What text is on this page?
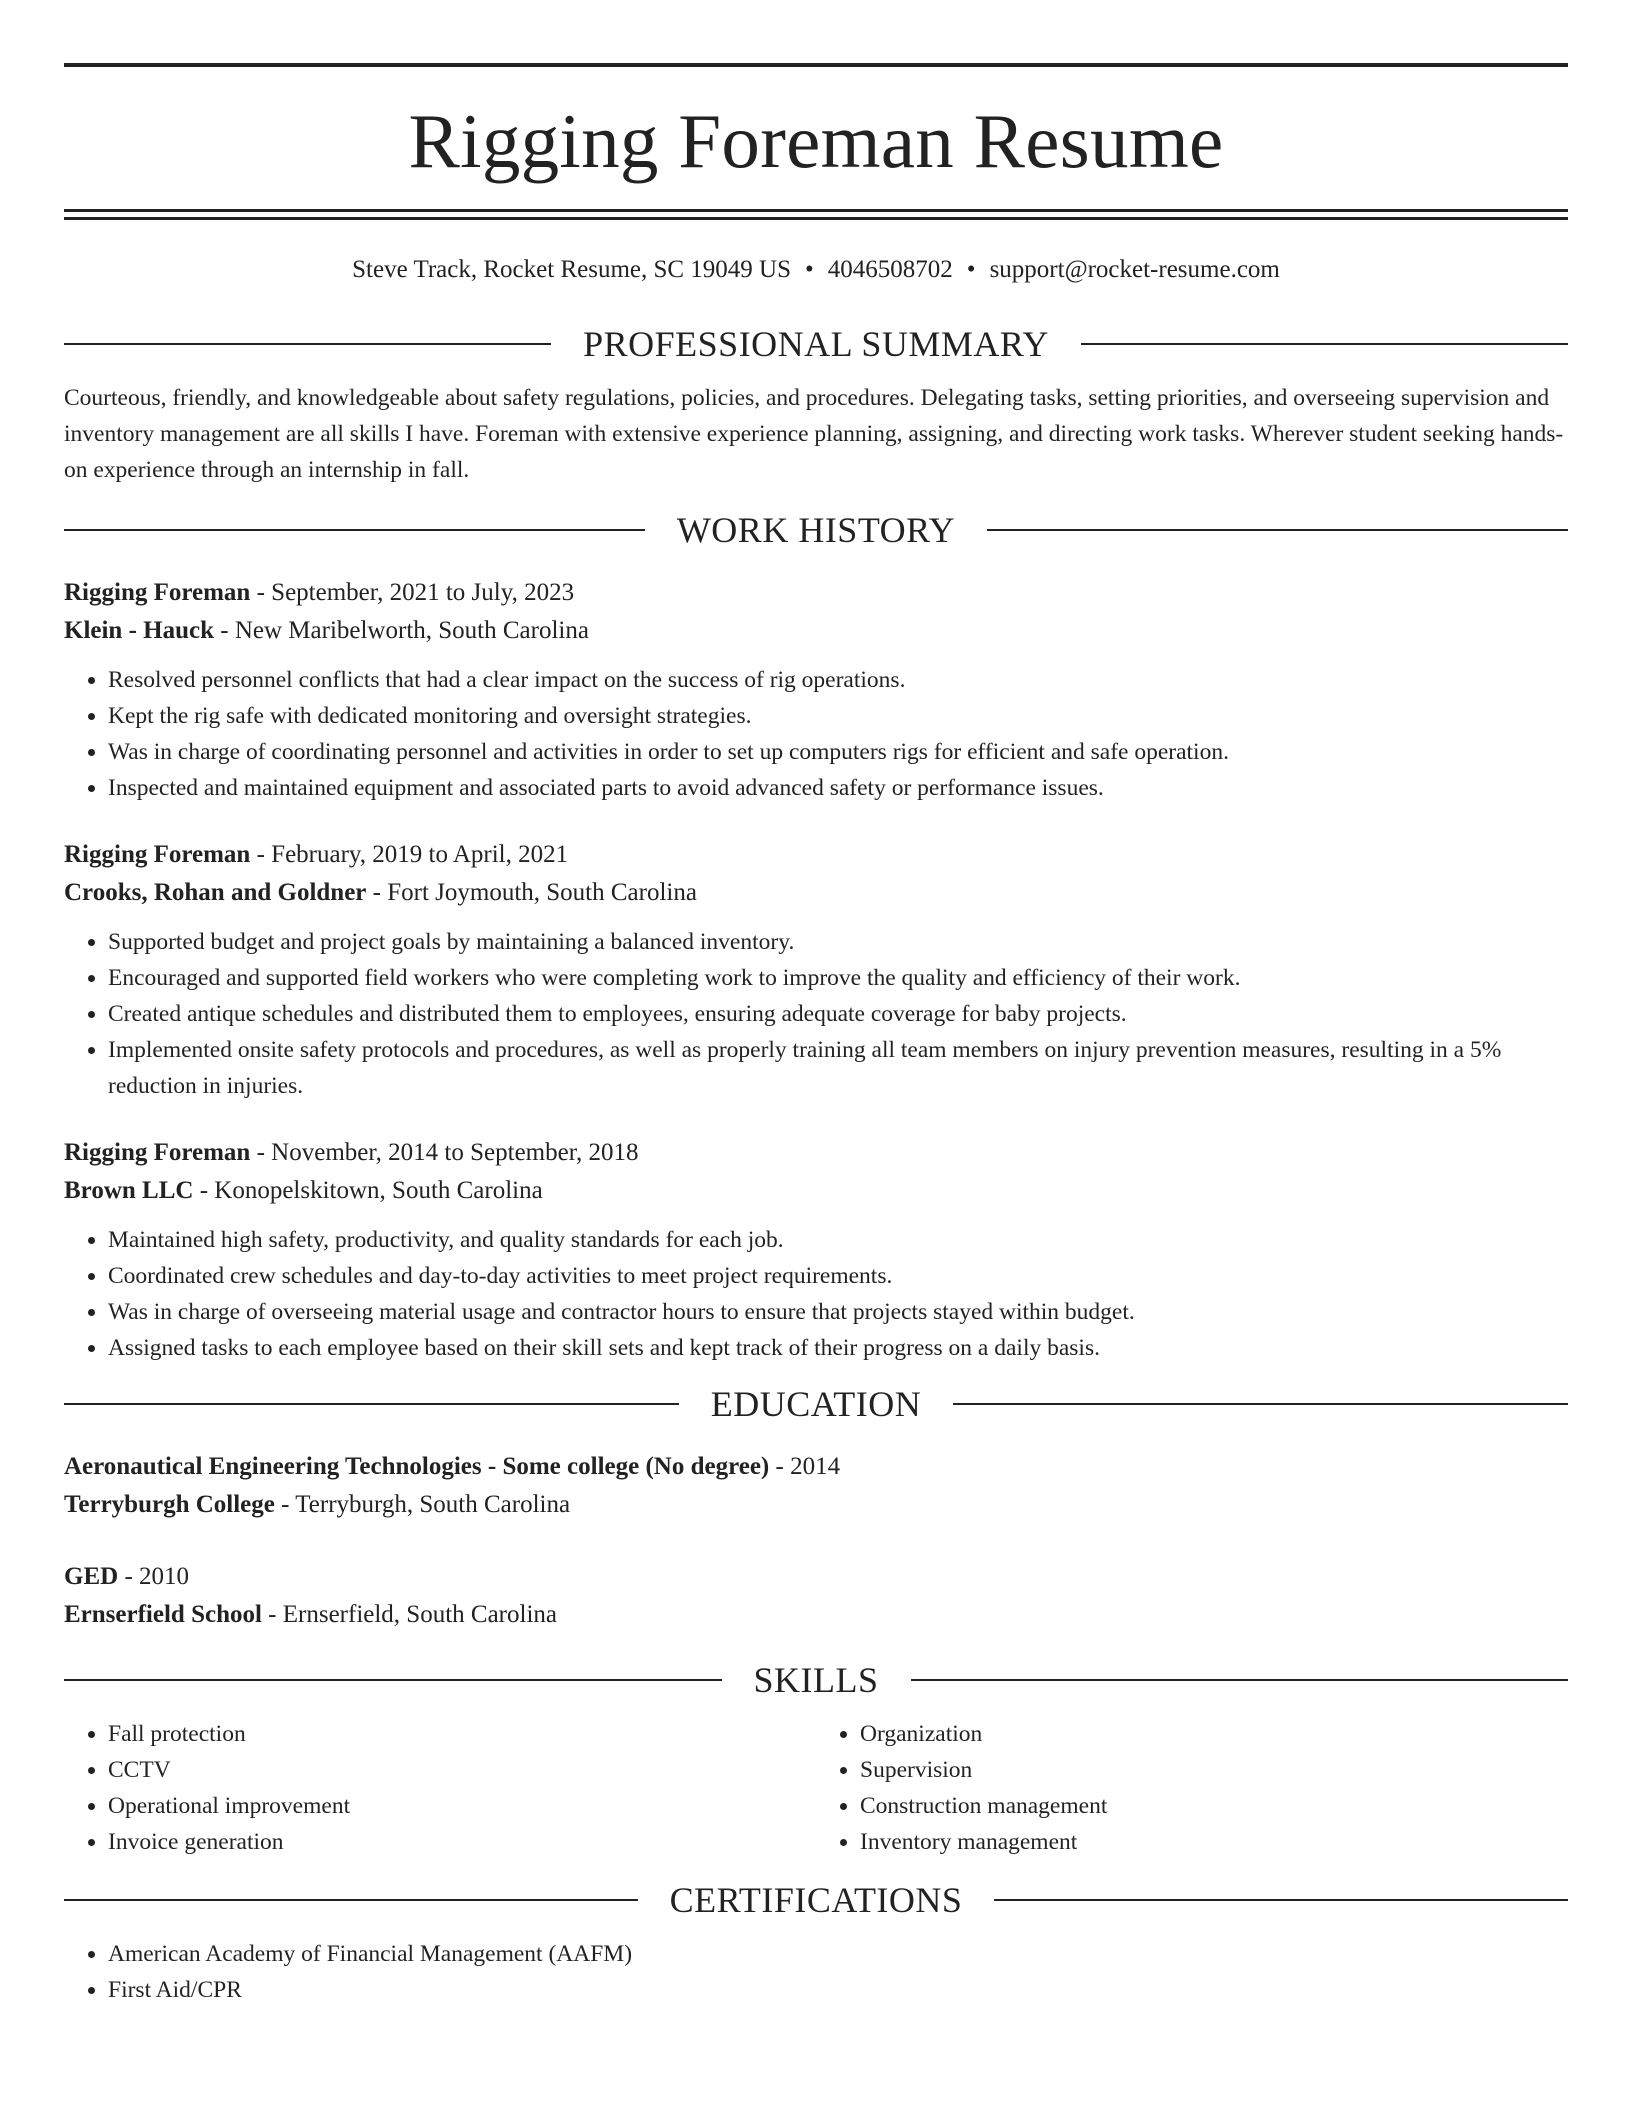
Rigging Foreman Resume
Steve Track, Rocket Resume, SC 19049 US • 4046508702 • support@rocket-resume.com
PROFESSIONAL SUMMARY

Courteous, friendly, and knowledgeable about safety regulations, policies, and procedures. Delegating tasks, setting priorities, and overseeing supervision and inventory management are all skills I have. Foreman with extensive experience planning, assigning, and directing work tasks. Wherever student seeking hands-on experience through an internship in fall.

WORK HISTORY
Rigging Foreman - September, 2021 to July, 2023
Klein - Hauck - New Maribelworth, South Carolina
• Resolved personnel conflicts that had a clear impact on the success of rig operations.
• Kept the rig safe with dedicated monitoring and oversight strategies.
• Was in charge of coordinating personnel and activities in order to set up computers rigs for efficient and safe operation.
• Inspected and maintained equipment and associated parts to avoid advanced safety or performance issues.
Rigging Foreman - February, 2019 to April, 2021
Crooks, Rohan and Goldner - Fort Joymouth, South Carolina
• Supported budget and project goals by maintaining a balanced inventory.
• Encouraged and supported field workers who were completing work to improve the quality and efficiency of their work.
• Created antique schedules and distributed them to employees, ensuring adequate coverage for baby projects.
• Implemented onsite safety protocols and procedures, as well as properly training all team members on injury prevention measures, resulting in a 5% reduction in injuries.
Rigging Foreman - November, 2014 to September, 2018
Brown LLC - Konopelskitown, South Carolina
• Maintained high safety, productivity, and quality standards for each job.
• Coordinated crew schedules and day-to-day activities to meet project requirements.
• Was in charge of overseeing material usage and contractor hours to ensure that projects stayed within budget.
• Assigned tasks to each employee based on their skill sets and kept track of their progress on a daily basis.
EDUCATION
Aeronautical Engineering Technologies - Some college (No degree) - 2014
Terryburgh College - Terryburgh, South Carolina
GED - 2010
Ernserfield School - Ernserfield, South Carolina
SKILLS
• Fall protection
• CCTV
• Operational improvement
• Invoice generation
• Organization
• Supervision
• Construction management
• Inventory management
CERTIFICATIONS
• American Academy of Financial Management (AAFM)
• First Aid/CPR
